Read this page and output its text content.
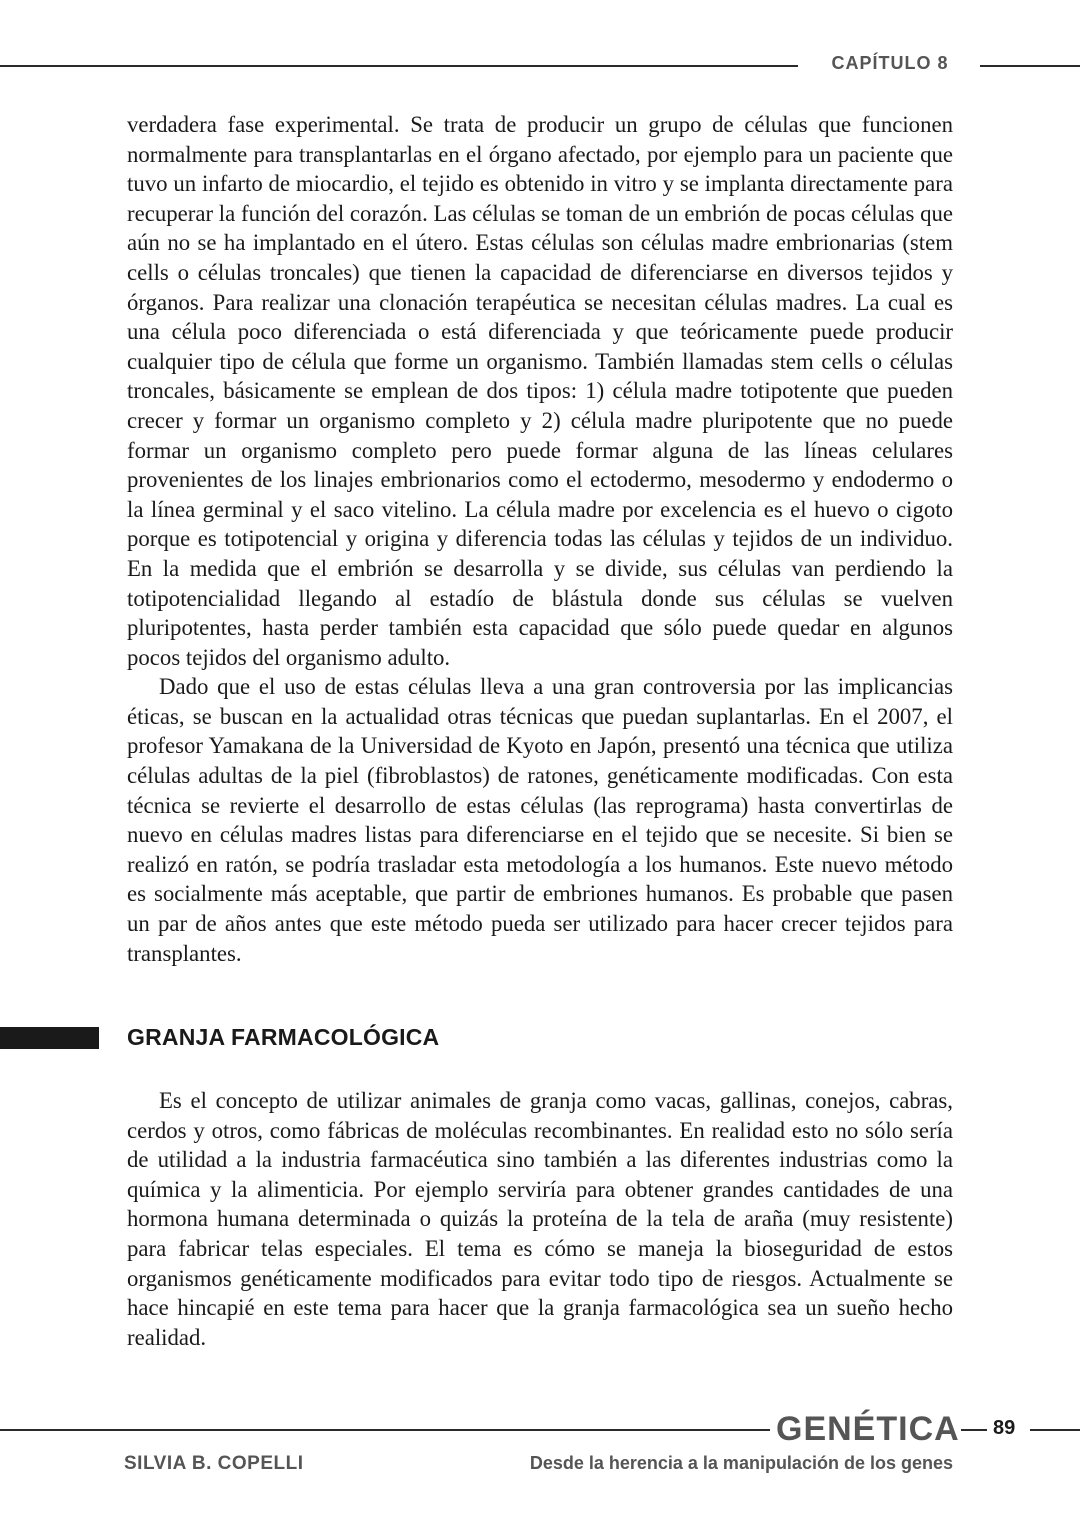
CAPÍTULO 8

verdadera fase experimental. Se trata de producir un grupo de células que funcionen normalmente para transplantarlas en el órgano afectado, por ejemplo para un paciente que tuvo un infarto de miocardio, el tejido es obtenido in vitro y se implanta directamente para recuperar la función del corazón. Las células se toman de un embrión de pocas células que aún no se ha implantado en el útero. Estas células son células madre embrionarias (stem cells o células troncales) que tienen la capacidad de diferenciarse en diversos tejidos y órganos. Para realizar una clonación terapéutica se necesitan células madres. La cual es una célula poco diferenciada o está diferenciada y que teóricamente puede producir cualquier tipo de célula que forme un organismo. También llamadas stem cells o células troncales, básicamente se emplean de dos tipos: 1) célula madre totipotente que pueden crecer y formar un organismo completo y 2) célula madre pluripotente que no puede formar un organismo completo pero puede formar alguna de las líneas celulares provenientes de los linajes embrionarios como el ectodermo, mesodermo y endodermo o la línea germinal y el saco vitelino. La célula madre por excelencia es el huevo o cigoto porque es totipotencial y origina y diferencia todas las células y tejidos de un individuo. En la medida que el embrión se desarrolla y se divide, sus células van perdiendo la totipotencialidad llegando al estadío de blástula donde sus células se vuelven pluripotentes, hasta perder también esta capacidad que sólo puede quedar en algunos pocos tejidos del organismo adulto.

Dado que el uso de estas células lleva a una gran controversia por las implicancias éticas, se buscan en la actualidad otras técnicas que puedan suplantarlas. En el 2007, el profesor Yamakana de la Universidad de Kyoto en Japón, presentó una técnica que utiliza células adultas de la piel (fibroblastos) de ratones, genéticamente modificadas. Con esta técnica se revierte el desarrollo de estas células (las reprograma) hasta convertirlas de nuevo en células madres listas para diferenciarse en el tejido que se necesite. Si bien se realizó en ratón, se podría trasladar esta metodología a los humanos. Este nuevo método es socialmente más aceptable, que partir de embriones humanos. Es probable que pasen un par de años antes que este método pueda ser utilizado para hacer crecer tejidos para transplantes.

GRANJA FARMACOLÓGICA

Es el concepto de utilizar animales de granja como vacas, gallinas, conejos, cabras, cerdos y otros, como fábricas de moléculas recombinantes. En realidad esto no sólo sería de utilidad a la industria farmacéutica sino también a las diferentes industrias como la química y la alimenticia. Por ejemplo serviría para obtener grandes cantidades de una hormona humana determinada o quizás la proteína de la tela de araña (muy resistente) para fabricar telas especiales. El tema es cómo se maneja la bioseguridad de estos organismos genéticamente modificados para evitar todo tipo de riesgos. Actualmente se hace hincapié en este tema para hacer que la granja farmacológica sea un sueño hecho realidad.

GENÉTICA 89
SILVIA B. COPELLI	Desde la herencia a la manipulación de los genes
